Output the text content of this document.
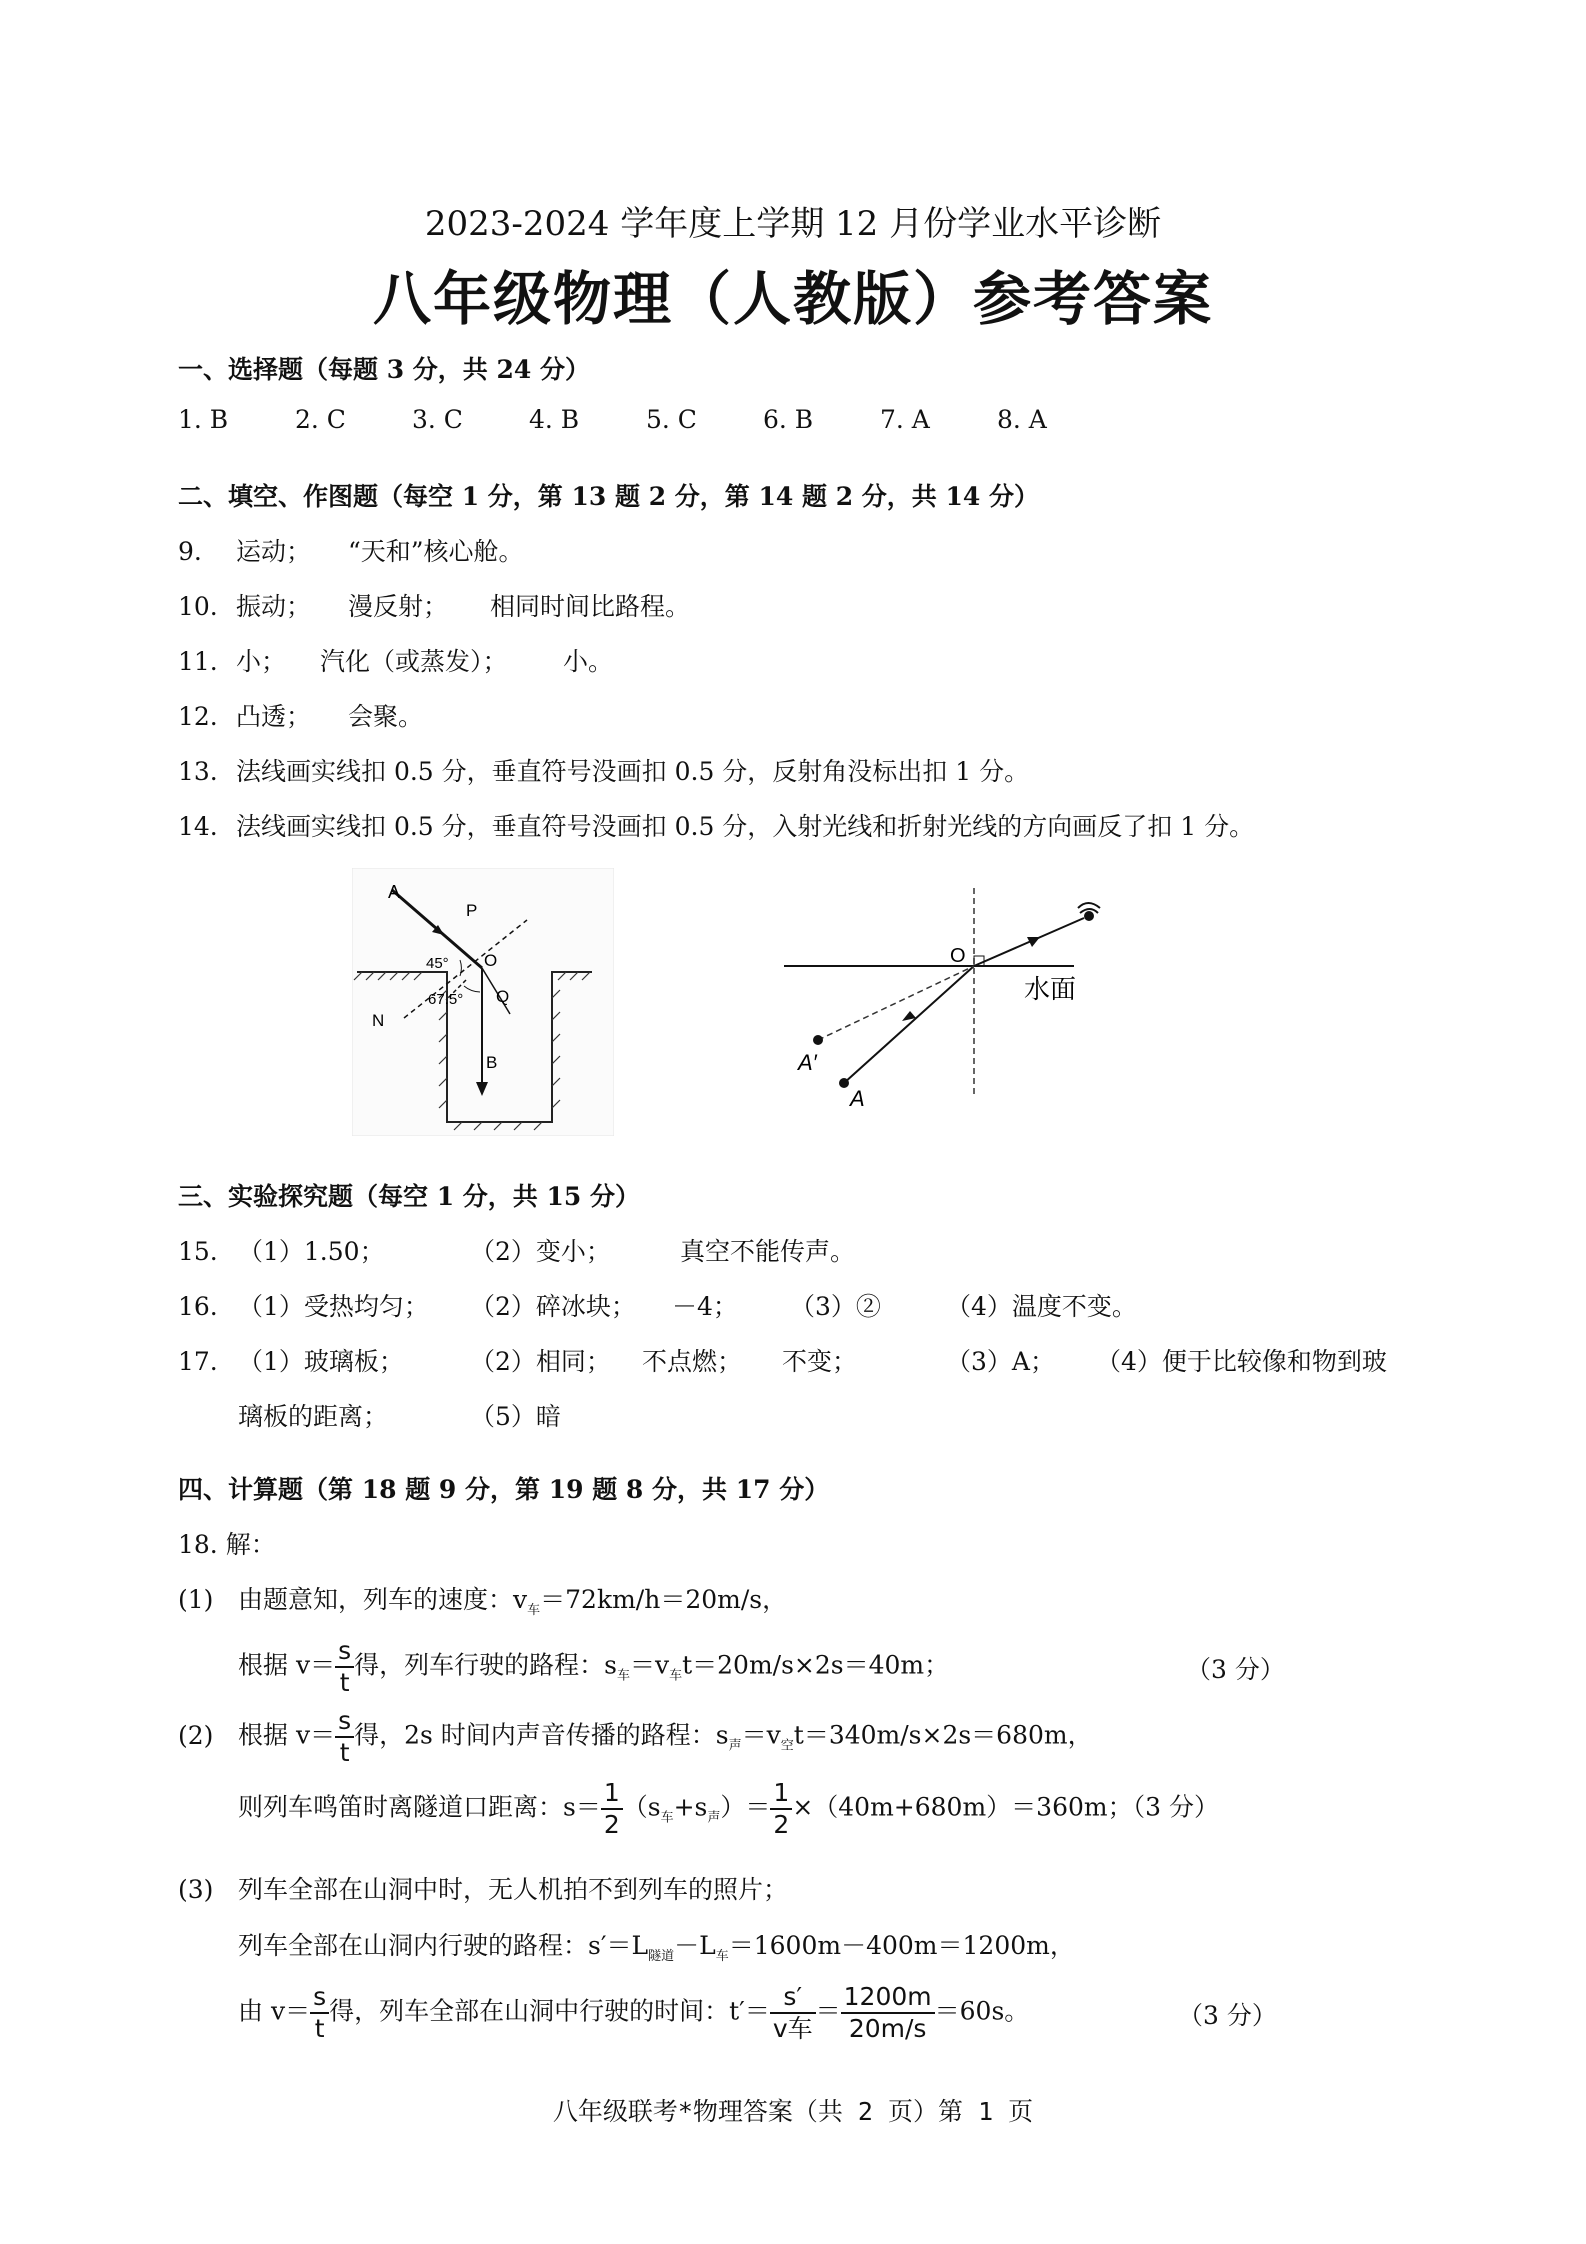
2023-2024 学年度上学期 12 月份学业水平诊断
八年级物理（人教版）参考答案
一、选择题（每题 3 分，共 24 分）
1. B	2. C	3. C	4. B	5. C	6. B	7. A	8. A
二、填空、作图题（每空 1 分，第 13 题 2 分，第 14 题 2 分，共 14 分）
9. 运动； “天和”核心舱。
10. 振动； 漫反射； 相同时间比路程。
11. 小； 汽化（或蒸发）； 小。
12. 凸透； 会聚。
13. 法线画实线扣 0.5 分，垂直符号没画扣 0.5 分，反射角没标出扣 1 分。
14. 法线画实线扣 0.5 分，垂直符号没画扣 0.5 分，入射光线和折射光线的方向画反了扣 1 分。
A
P
O
45°
67.5° Q
N
B
O
水面
A′
A
三、实验探究题（每空 1 分，共 15 分）
15. （1）1.50；	（2）变小；	真空不能传声。
16. （1）受热均匀； （2）碎冰块； －4； （3）②	（4）温度不变。
17. （1）玻璃板；	（2）相同； 不点燃； 不变；	（3）A； （4）便于比较像和物到玻
璃板的距离；	（5）暗
四、计算题（第 18 题 9 分，第 19 题 8 分，共 17 分）
18. 解：
(1) 由题意知，列车的速度：$v_车=72km/h=20m/s$，
根据 $v= \frac{s}{t}$ 得，列车行驶的路程：$s_车=v_车t=20m/s\times 2s=40m$；	（3 分）
(2) 根据 $v= \frac{s}{t}$ 得，2s 时间内声音传播的路程：$s_声=v_空t=340m/s\times 2s=680m$，
则列车鸣笛时离隧道口距离：$s= \frac{1}{2} (s_车+s_声)= \frac{1}{2} \times(40m+680m)=360m$；（3 分）
(3) 列车全部在山洞中时，无人机拍不到列车的照片；
列车全部在山洞内行驶的路程：$s'=L_{隧道}-L_车=1600m-400m=1200m$，
由 $v= \frac{s}{t}$ 得，列车全部在山洞中行驶的时间：$t'= \frac{s'}{\text{v车}} = \frac{1200m}{20m/s} =60s$。	（3 分）
八年级联考*物理答案（共 2 页）第 1 页
